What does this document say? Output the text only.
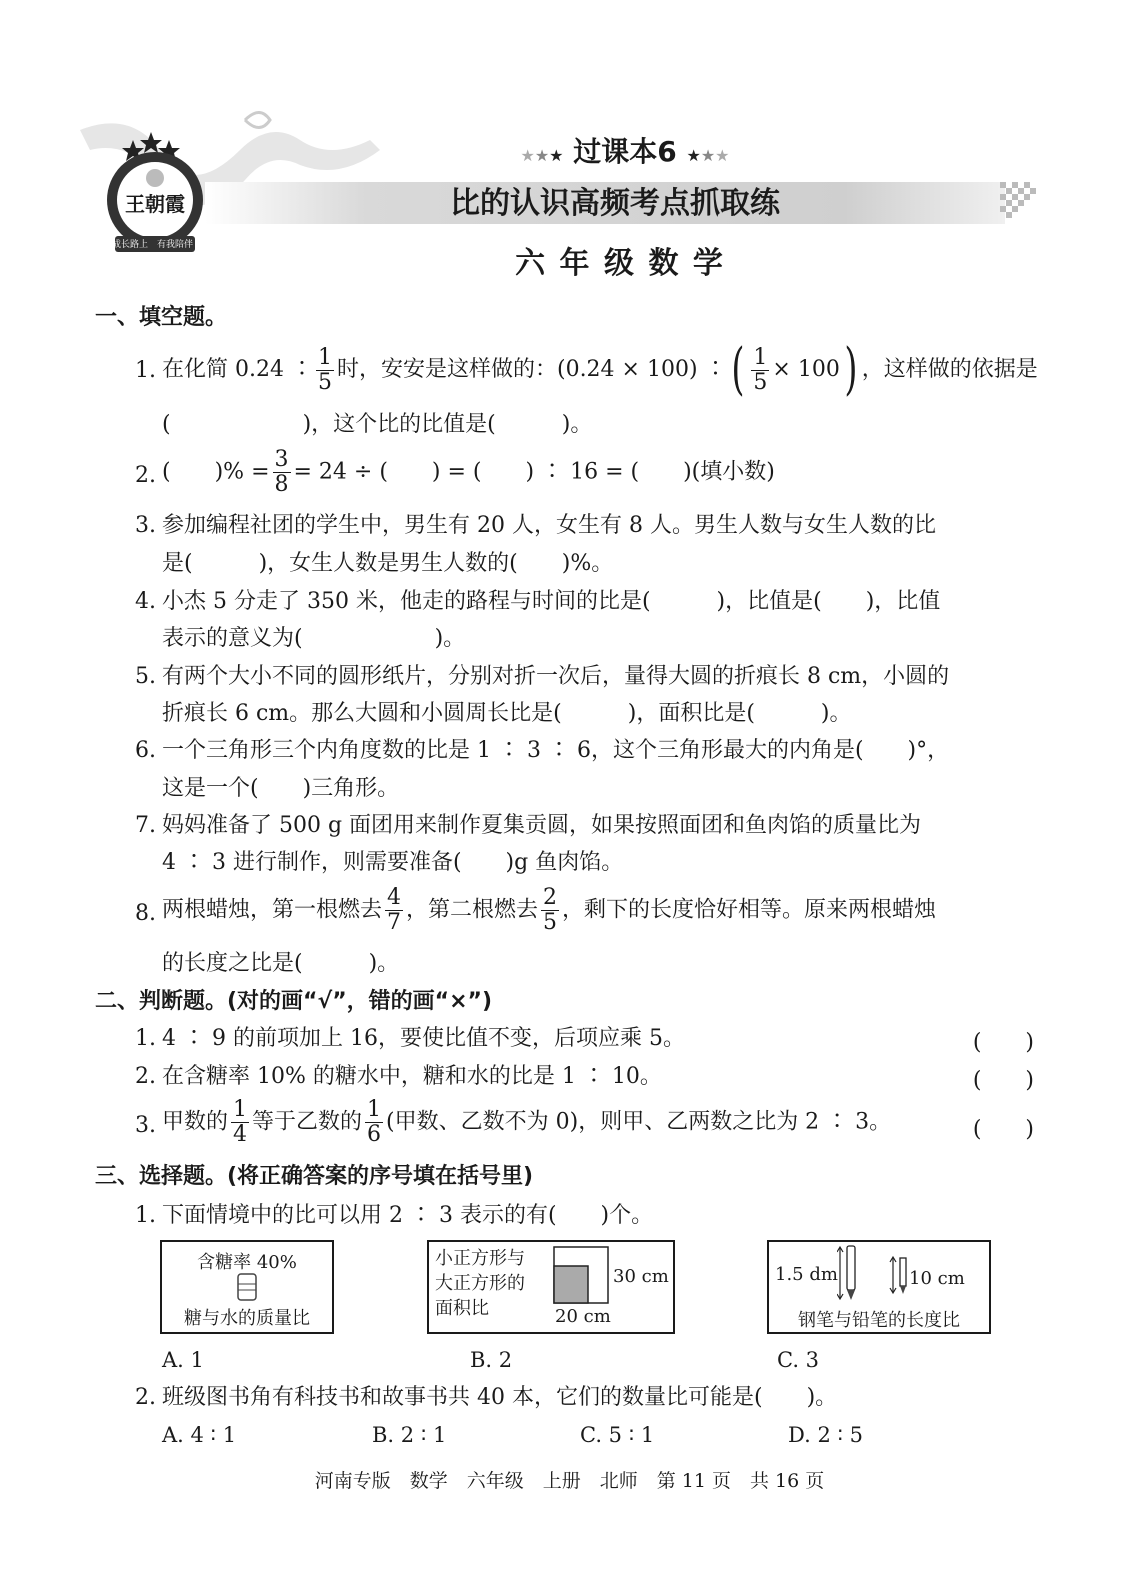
王朝霞
成长路上 有我陪伴
★★★ 过课本6 ★★★
比的认识高频考点抓取练
六 年 级 数 学
一、填空题。
1. 在化简 0.24 ∶ $\frac{1}{5}$ 时，安安是这样做的：(0.24 × 100) ∶( $\frac{1}{5} \times 100$) ，这样做的依据是
(　　　　　　)，这个比的比值是(　　　)。
2. (　　)% = $\frac{3}{8} = 24$ ÷ (　　) = (　　) ∶ 16 = (　　)(填小数)
3. 参加编程社团的学生中，男生有 20 人，女生有 8 人。男生人数与女生人数的比
是(　　　)，女生人数是男生人数的(　　)%。
4. 小杰 5 分走了 350 米，他走的路程与时间的比是(　　　)，比值是(　　)，比值
表示的意义为(　　　　　　)。
5. 有两个大小不同的圆形纸片，分别对折一次后，量得大圆的折痕长 8 cm，小圆的
折痕长 6 cm。那么大圆和小圆周长比是(　　　)，面积比是(　　　)。
6. 一个三角形三个内角度数的比是 1 ∶ 3 ∶ 6，这个三角形最大的内角是(　　)°，
这是一个(　　)三角形。
7. 妈妈准备了 500 g 面团用来制作夏集贡圆，如果按照面团和鱼肉馅的质量比为
4 ∶ 3 进行制作，则需要准备(　　)g 鱼肉馅。
8. 两根蜡烛，第一根燃去 $\frac{4}{7}$ ，第二根燃去 $\frac{2}{5}$ ，剩下的长度恰好相等。原来两根蜡烛
的长度之比是(　　　)。
二、判断题。(对的画“√”，错的画“×”)
1. 4 ∶ 9 的前项加上 16，要使比值不变，后项应乘 5。	(　　)
2. 在含糖率 10% 的糖水中，糖和水的比是 1 ∶ 10。	(　　)
3. 甲数的 $\frac{1}{4}$ 等于乙数的 $\frac{1}{6}$ (甲数、乙数不为 0)，则甲、乙两数之比为 2 ∶ 3。	(　　)
三、选择题。(将正确答案的序号填在括号里)
1. 下面情境中的比可以用 2 ∶ 3 表示的有(　　)个。
含糖率 40%
糖与水的质量比
小正方形与
大正方形的
面积比
30 cm
20 cm
1.5 dm	10 cm
钢笔与铅笔的长度比
A. 1	B. 2	C. 3
2. 班级图书角有科技书和故事书共 40 本，它们的数量比可能是(　　)。
A. 4 ∶ 1	B. 2 ∶ 1	C. 5 ∶ 1	D. 2 ∶ 5
河南专版　数学　六年级　上册　北师　第 11 页　共 16 页
